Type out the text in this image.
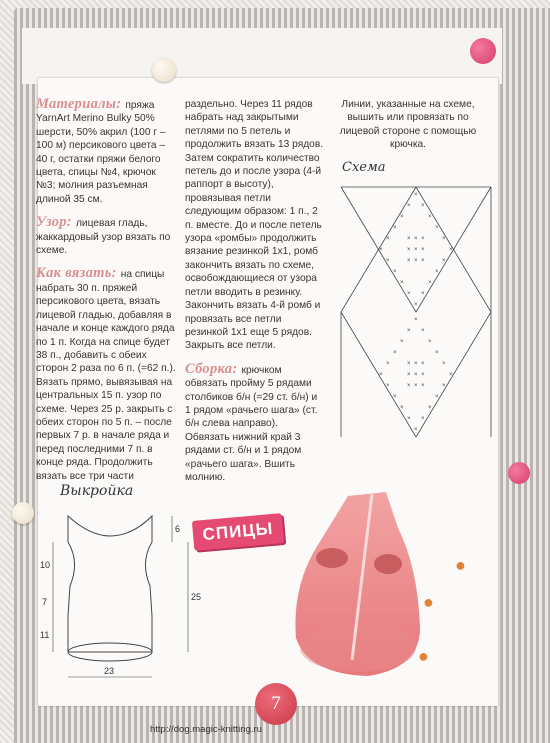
Материалы: пряжа YarnArt Merino Bulky 50% шерсти, 50% акрил (100 г – 100 м) персикового цвета – 40 г, остатки пряжи белого цвета, спицы №4, крючок №3; молния разъемная длиной 35 см.

Узор: лицевая гладь, жаккардовый узор вязать по схеме.

Как вязать: на спицы набрать 30 п. пряжей персикового цвета, вязать лицевой гладью, добавляя в начале и конце каждого ряда по 1 п. Когда на спице будет 38 п., добавить с обеих сторон 2 раза по 6 п. (=62 п.). Вязать прямо, вывязывая на центральных 15 п. узор по схеме. Через 25 р. закрыть с обеих сторон по 5 п. – после первых 7 р. в начале ряда и перед последними 7 п. в конце ряда. Продолжить вязать все три части

раздельно. Через 11 рядов набрать над закрытыми петлями по 5 петель и продолжить вязать 13 рядов. Затем сократить количество петель до и после узора (4-й раппорт в высоту), провязывая петли следующим образом: 1 п., 2 п. вместе. До и после петель узора «ромбы» продолжить вязание резинкой 1х1, ромб закончить вязать по схеме, освобождающиеся от узора петли вводить в резинку. Закончить вязать 4-й ромб и провязать все петли резинкой 1х1 еще 5 рядов. Закрыть все петли.

Сборка: крючком обвязать пройму 5 рядами столбиков б/н (=29 ст. б/н) и 1 рядом «рачьего шага» (ст. б/н слева направо). Обвязать нижний край 3 рядами ст. б/н и 1 рядом «рачьего шага». Вшить молнию.

Линии, указанные на схеме, вышить или провязать по лицевой стороне с помощью крючка.

Схема
×
× ×
×	×
×	×
×	× × ×	×
×	× × ×	×
×	× × ×	×
×	×
×	×
× ×
×
×
× ×
×	×
×	×
×	× × ×	×
×	× × ×	×
×	× × ×	×
×	×
×	×
× ×
×
Выкройка
6
10
7
11
25
23
СПИЦЫ
●
●
●
7
http://dog.magic-knitting.ru
